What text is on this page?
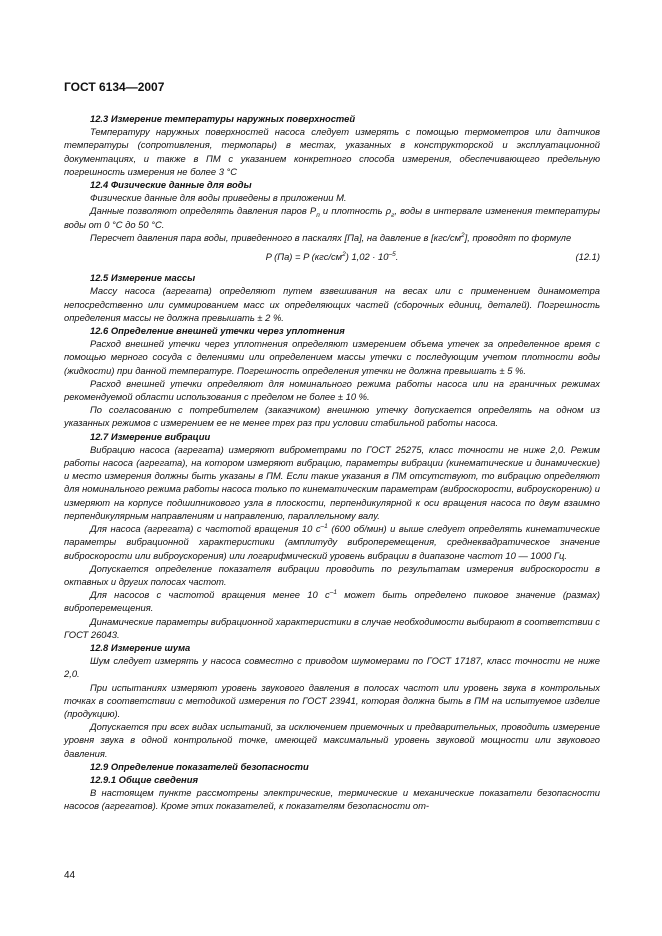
ГОСТ 6134—2007
12.3 Измерение температуры наружных поверхностей

Температуру наружных поверхностей насоса следует измерять с помощью термометров или датчиков температуры (сопротивления, термопары) в местах, указанных в конструкторской и эксплуатационной документациях, и также в ПМ с указанием конкретного способа измерения, обеспечивающего предельную погрешность измерения не более 3 °С

12.4 Физические данные для воды

Физические данные для воды приведены в приложении М.

Данные позволяют определять давления паров $P_п$ и плотность $\rho_г$, воды в интервале изменения температуры воды от 0 °С до 50 °С.

Пересчет давления пара воды, приведенного в паскалях [Па], на давление в $[кгс/см^2]$, проводят по формуле

P (Па) = P $(кгс/см^2) 1,02 \cdot 10^{-5}$.	(12.1)
12.5 Измерение массы

Массу насоса (агрегата) определяют путем взвешивания на весах или с применением динамометра непосредственно или суммированием масс их определяющих частей (сборочных единиц, деталей). Погрешность определения массы не должна превышать ± 2 %.

12.6 Определение внешней утечки через уплотнения

Расход внешней утечки через уплотнения определяют измерением объема утечек за определенное время с помощью мерного сосуда с делениями или определением массы утечки с последующим учетом плотности воды (жидкости) при данной температуре. Погрешность определения утечки не должна превышать ± 5 %.

Расход внешней утечки определяют для номинального режима работы насоса или на граничных режимах рекомендуемой области использования с пределом не более ± 10 %.

По согласованию с потребителем (заказчиком) внешнюю утечку допускается определять на одном из указанных режимов с измерением ее не менее трех раз при условии стабильной работы насоса.

12.7 Измерение вибрации

Вибрацию насоса (агрегата) измеряют виброметрами по ГОСТ 25275, класс точности не ниже 2,0. Режим работы насоса (агрегата), на котором измеряют вибрацию, параметры вибрации (кинематические и динамические) и место измерения должны быть указаны в ПМ. Если такие указания в ПМ отсутствуют, то вибрацию определяют для номинального режима работы насоса только по кинематическим параметрам (виброскорости, виброускорению) и измеряют на корпусе подшипникового узла в плоскости, перпендикулярной к оси вращения насоса по двум взаимно перпендикулярным направлениям и направлению, параллельному валу.

Для насоса (агрегата) с частотой вращения 10 $с^{-1}$ (600 об/мин) и выше следует определять кинематические параметры вибрационной характеристики (амплитуду виброперемещения, среднеквадратическое значение виброскорости или виброускорения) или логарифмический уровень вибрации в диапазоне частот 10 — 1000 Гц.

Допускается определение показателя вибрации проводить по результатам измерения виброскорости в октавных и других полосах частот.

Для насосов с частотой вращения менее 10 $с^{-1}$ может быть определено пиковое значение (размах) виброперемещения.

Динамические параметры вибрационной характеристики в случае необходимости выбирают в соответствии с ГОСТ 26043.

12.8 Измерение шума

Шум следует измерять у насоса совместно с приводом шумомерами по ГОСТ 17187, класс точности не ниже 2,0.

При испытаниях измеряют уровень звукового давления в полосах частот или уровень звука в контрольных точках в соответствии с методикой измерения по ГОСТ 23941, которая должна быть в ПМ на испытуемое изделие (продукцию).

Допускается при всех видах испытаний, за исключением приемочных и предварительных, проводить измерение уровня звука в одной контрольной точке, имеющей максимальный уровень звуковой мощности или звукового давления.

12.9 Определение показателей безопасности
12.9.1 Общие сведения

В настоящем пункте рассмотрены электрические, термические и механические показатели безопасности насосов (агрегатов). Кроме этих показателей, к показателям безопасности от-

44
